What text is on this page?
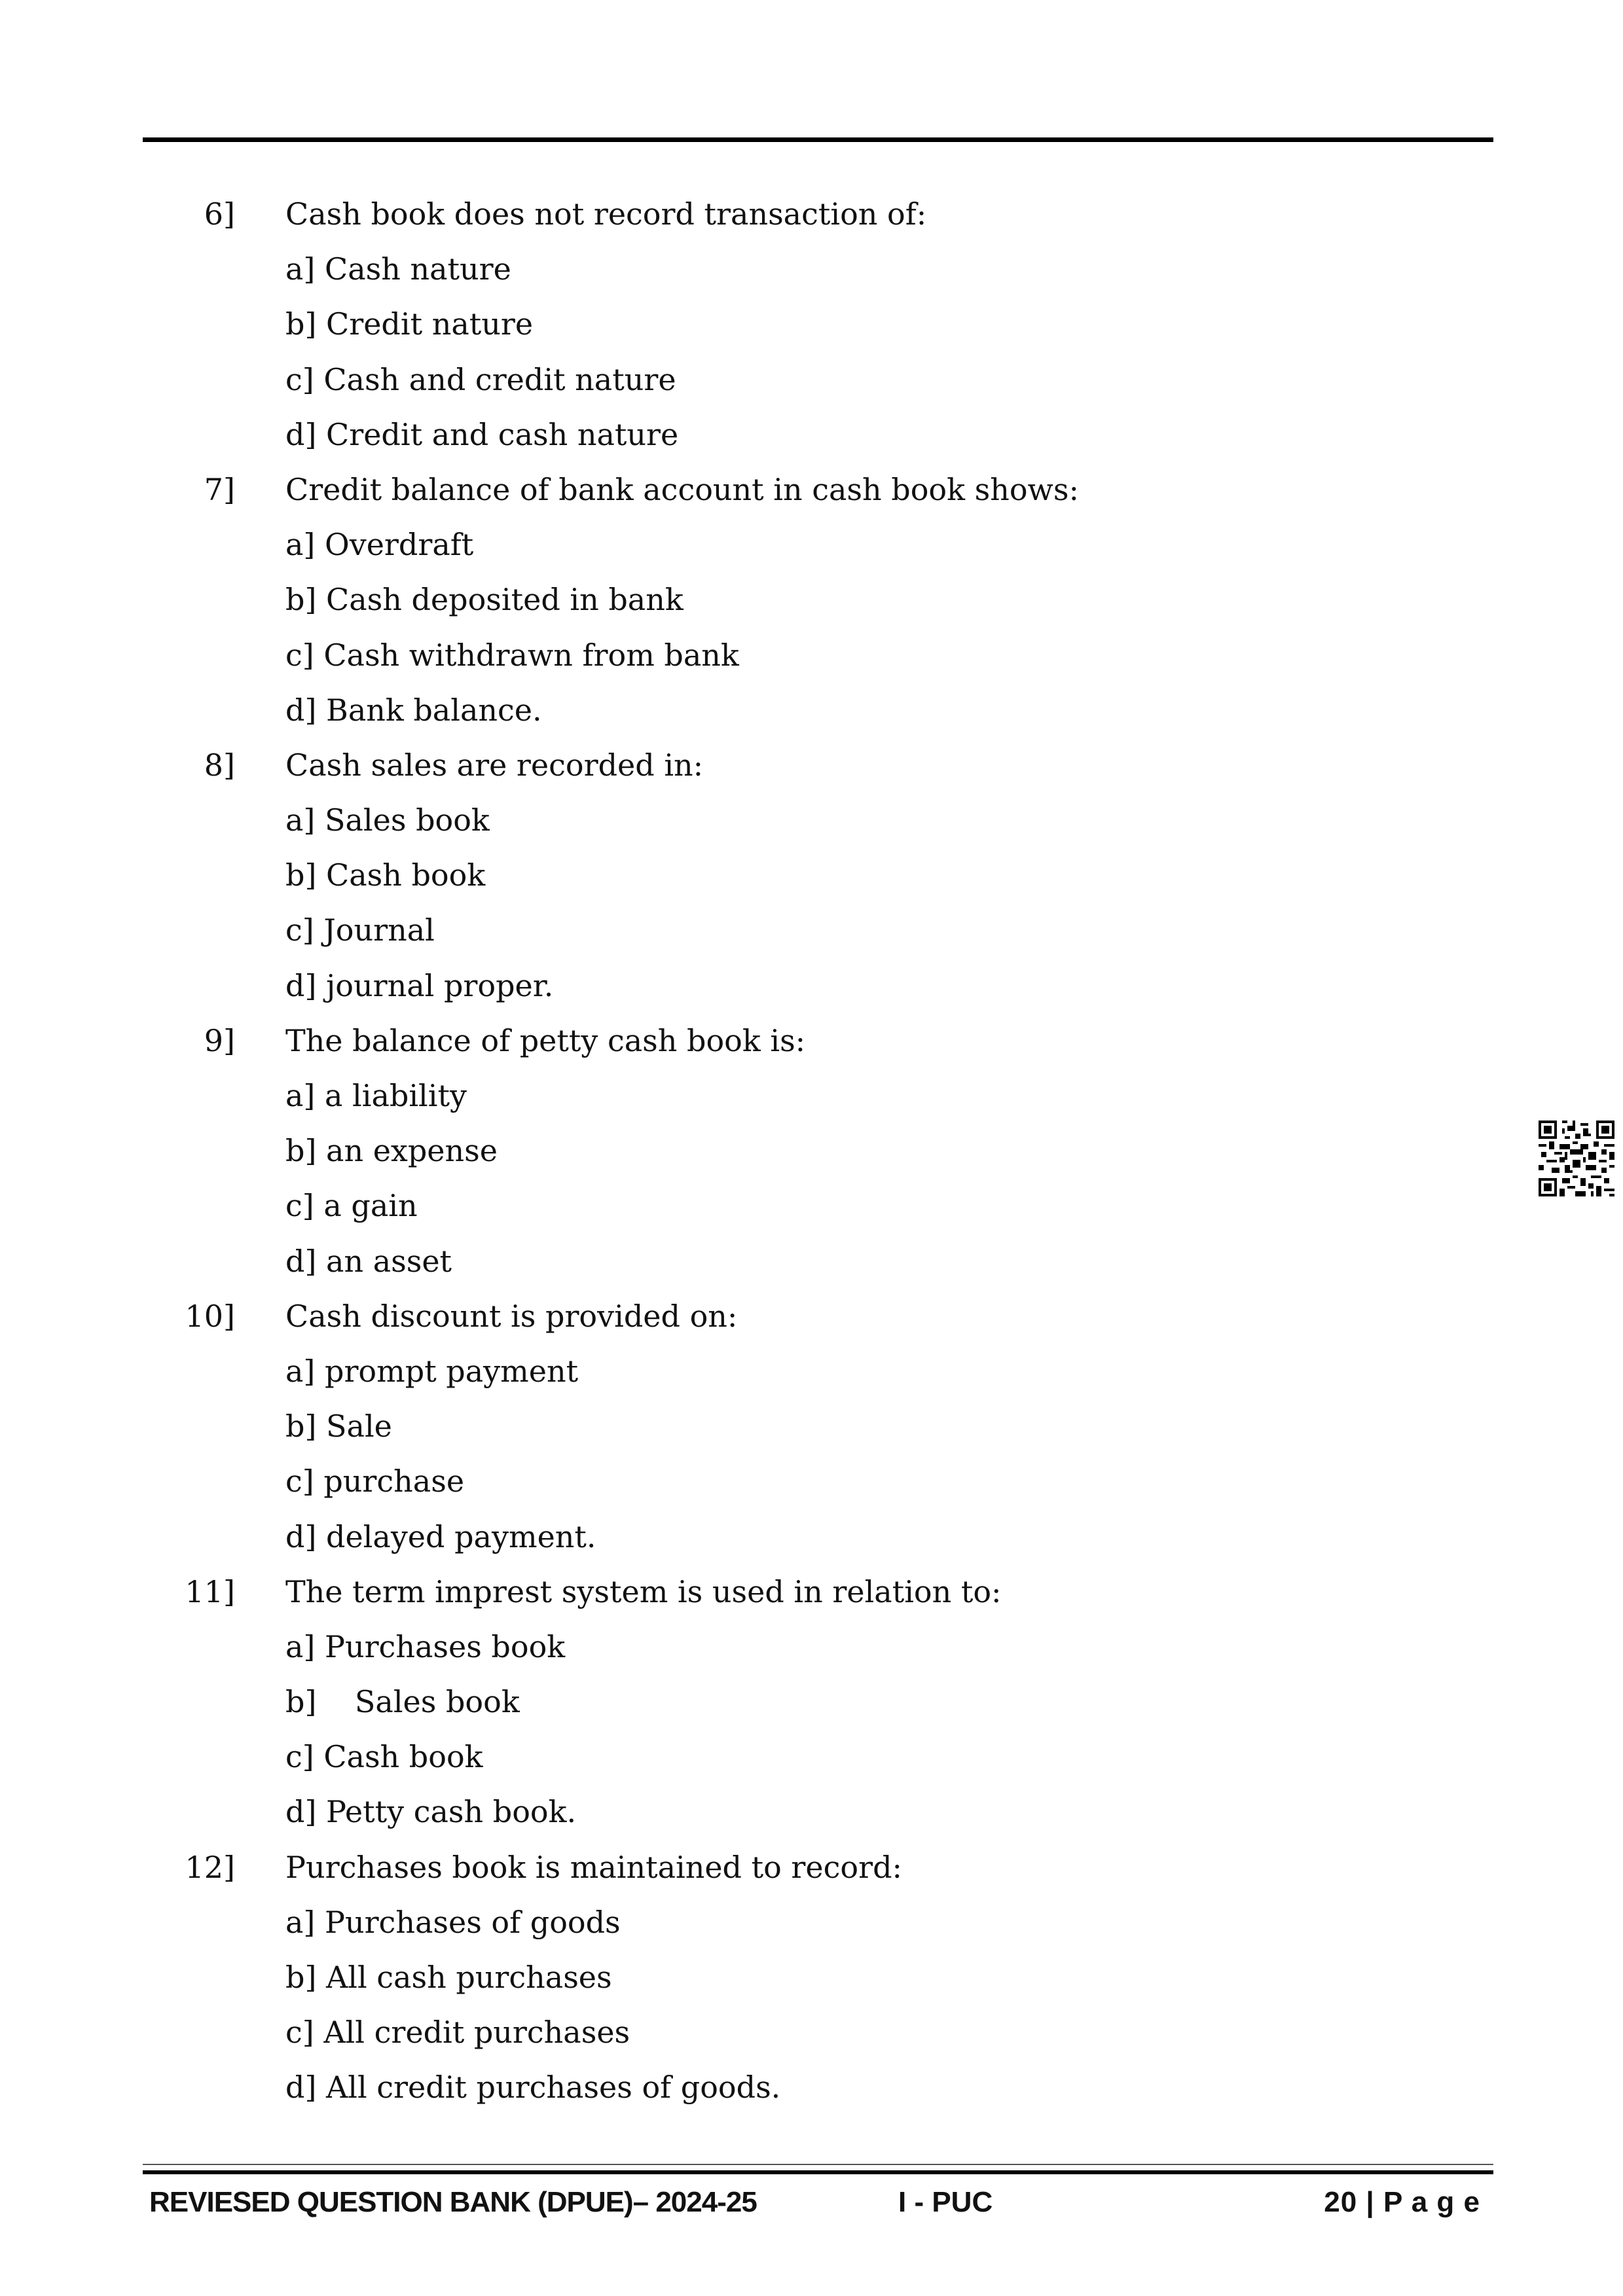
6]

Cash book does not record transaction of:

a] Cash nature
b] Credit nature
c] Cash and credit nature
d] Credit and cash nature

7]

Credit balance of bank account in cash book shows:

a] Overdraft
b] Cash deposited in bank
c] Cash withdrawn from bank
d] Bank balance.

8]

Cash sales are recorded in:

a] Sales book
b] Cash book
c] Journal
d] journal proper.

9]

The balance of petty cash book is:

a] a liability
b] an expense
c] a gain
d] an asset

10]

Cash discount is provided on:

a] prompt payment
b] Sale
c] purchase
d] delayed payment.

11]

The term imprest system is used in relation to:

a] Purchases book
b]    Sales book
c] Cash book
d] Petty cash book.

12]

Purchases book is maintained to record:

a] Purchases of goods
b] All cash purchases
c] All credit purchases
d] All credit purchases of goods.
REVIESED QUESTION BANK (DPUE)– 2024-25	I - PUC	20 | P a g e
